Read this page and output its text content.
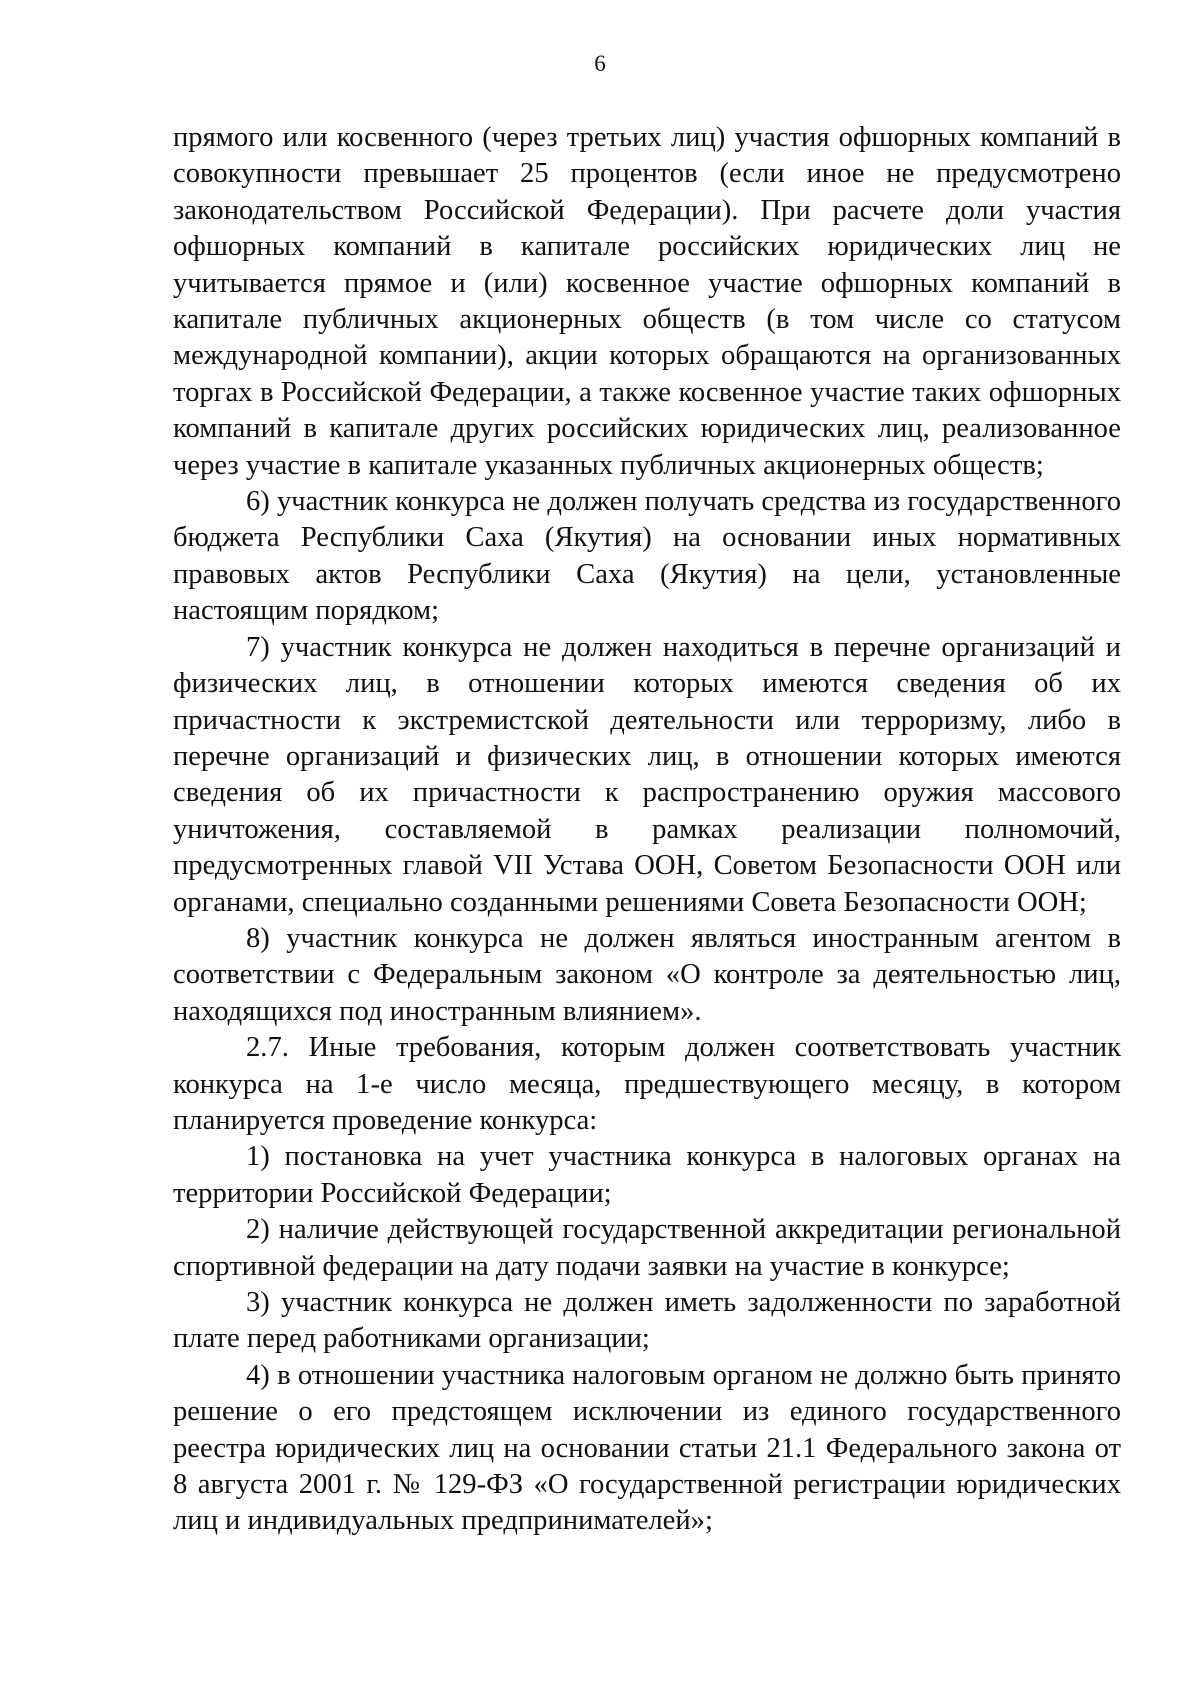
6

прямого или косвенного (через третьих лиц) участия офшорных компаний в совокупности превышает 25 процентов (если иное не предусмотрено законодательством Российской Федерации). При расчете доли участия офшорных компаний в капитале российских юридических лиц не учитывается прямое и (или) косвенное участие офшорных компаний в капитале публичных акционерных обществ (в том числе со статусом международной компании), акции которых обращаются на организованных торгах в Российской Федерации, а также косвенное участие таких офшорных компаний в капитале других российских юридических лиц, реализованное через участие в капитале указанных публичных акционерных обществ;

6) участник конкурса не должен получать средства из государственного бюджета Республики Саха (Якутия) на основании иных нормативных правовых актов Республики Саха (Якутия) на цели, установленные настоящим порядком;

7) участник конкурса не должен находиться в перечне организаций и физических лиц, в отношении которых имеются сведения об их причастности к экстремистской деятельности или терроризму, либо в перечне организаций и физических лиц, в отношении которых имеются сведения об их причастности к распространению оружия массового уничтожения, составляемой в рамках реализации полномочий, предусмотренных главой VII Устава ООН, Советом Безопасности ООН или органами, специально созданными решениями Совета Безопасности ООН;

8) участник конкурса не должен являться иностранным агентом в соответствии с Федеральным законом «О контроле за деятельностью лиц, находящихся под иностранным влиянием».

2.7. Иные требования, которым должен соответствовать участник конкурса на 1-е число месяца, предшествующего месяцу, в котором планируется проведение конкурса:

1) постановка на учет участника конкурса в налоговых органах на территории Российской Федерации;

2) наличие действующей государственной аккредитации региональной спортивной федерации на дату подачи заявки на участие в конкурсе;

3) участник конкурса не должен иметь задолженности по заработной плате перед работниками организации;

4) в отношении участника налоговым органом не должно быть принято решение о его предстоящем исключении из единого государственного реестра юридических лиц на основании статьи 21.1 Федерального закона от 8 августа 2001 г. № 129-ФЗ «О государственной регистрации юридических лиц и индивидуальных предпринимателей»;
